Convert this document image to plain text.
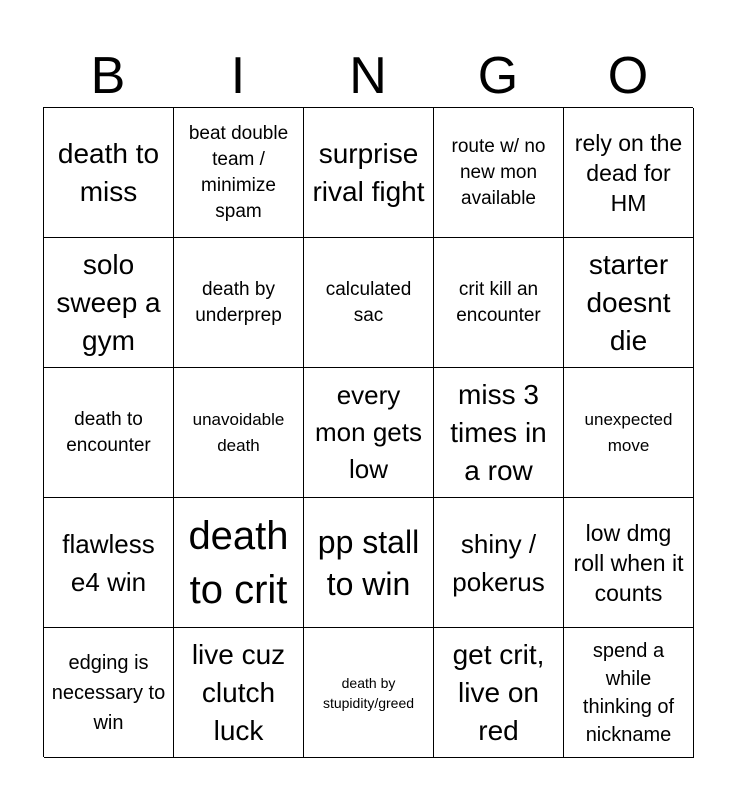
B	I	N	G	O
death to miss
beat double team / minimize spam
surprise rival fight
route w/ no new mon available
rely on the dead for HM
solo sweep a gym
death by underprep
calculated sac
crit kill an encounter
starter doesnt die
death to encounter
unavoidable death
every mon gets low
miss 3 times in a row
unexpected move
flawless e4 win
death to crit
pp stall to win
shiny / pokerus
low dmg roll when it counts
edging is necessary to win
live cuz clutch luck
death by stupidity/greed
get crit, live on red
spend a while thinking of nickname
